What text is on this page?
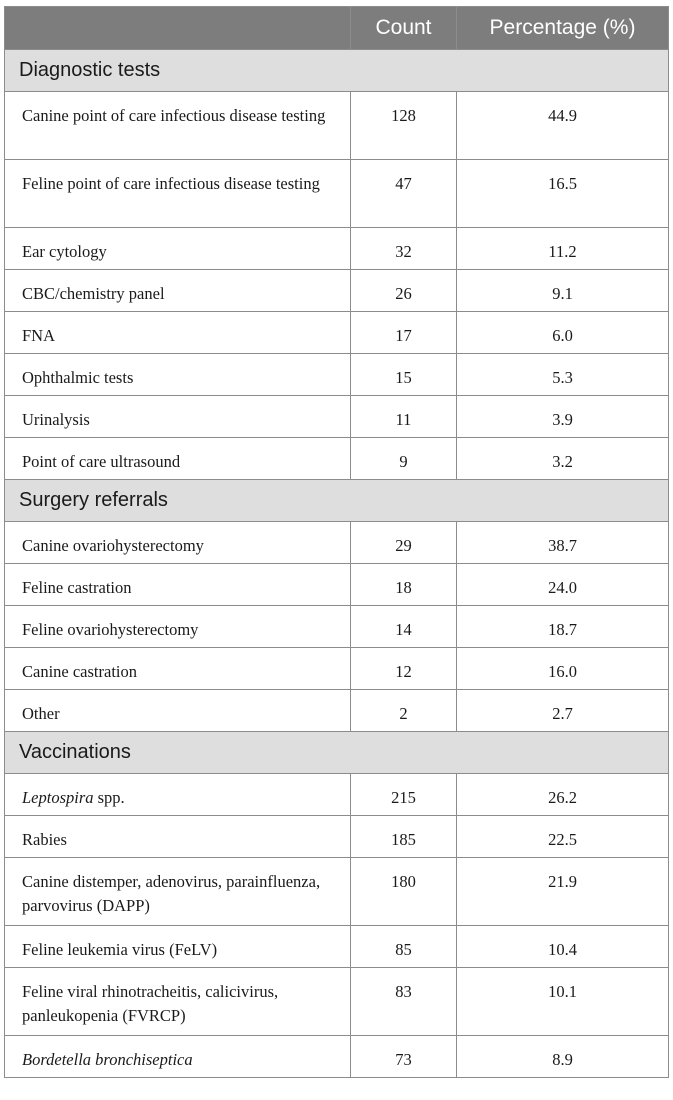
	Count	Percentage (%)
Diagnostic tests		
Canine point of care infectious disease testing	128	44.9
Feline point of care infectious disease testing	47	16.5
Ear cytology	32	11.2
CBC/chemistry panel	26	9.1
FNA	17	6.0
Ophthalmic tests	15	5.3
Urinalysis	11	3.9
Point of care ultrasound	9	3.2
Surgery referrals		
Canine ovariohysterectomy	29	38.7
Feline castration	18	24.0
Feline ovariohysterectomy	14	18.7
Canine castration	12	16.0
Other	2	2.7
Vaccinations		
Leptospira spp.	215	26.2
Rabies	185	22.5
Canine distemper, adenovirus, parainfluenza, parvovirus (DAPP)	180	21.9
Feline leukemia virus (FeLV)	85	10.4
Feline viral rhinotracheitis, calicivirus, panleukopenia (FVRCP)	83	10.1
Bordetella bronchiseptica	73	8.9
